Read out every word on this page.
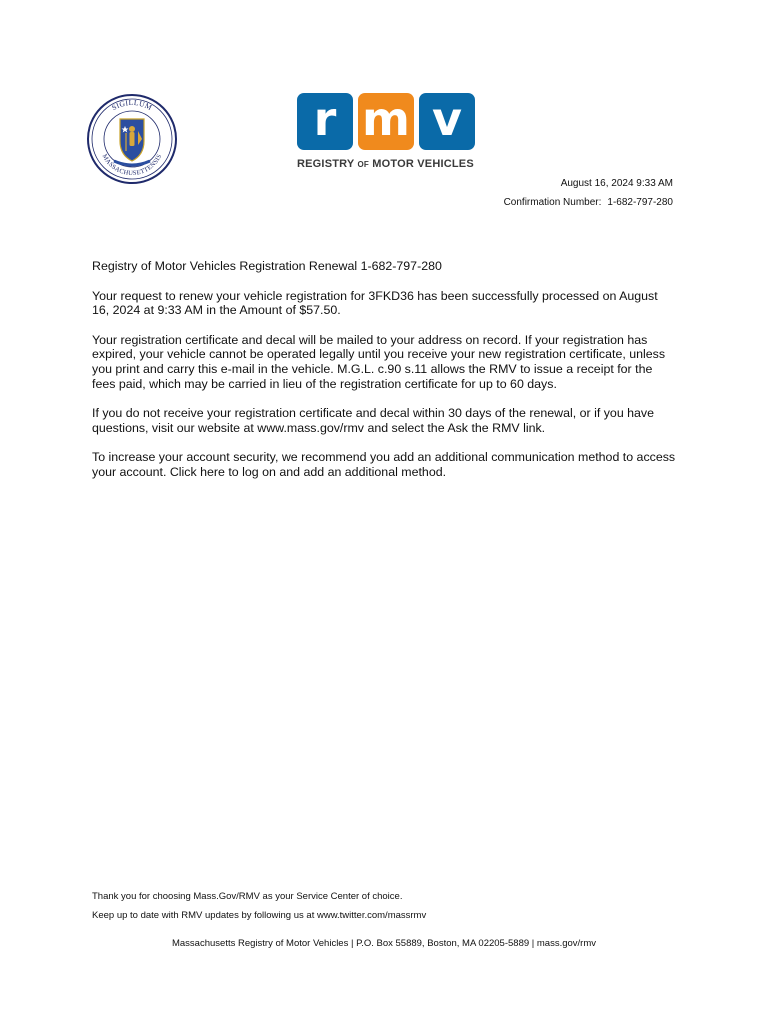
SIGILLUM
MASSACHUSETTENSIS
r m v
REGISTRY OF MOTOR VEHICLES
August 16, 2024 9:33 AM
Confirmation Number: 1-682-797-280

Registry of Motor Vehicles Registration Renewal 1-682-797-280

Your request to renew your vehicle registration for 3FKD36 has been successfully processed on August 16, 2024 at 9:33 AM in the Amount of $57.50.

Your registration certificate and decal will be mailed to your address on record. If your registration has expired, your vehicle cannot be operated legally until you receive your new registration certificate, unless you print and carry this e-mail in the vehicle. M.G.L. c.90 s.11 allows the RMV to issue a receipt for the fees paid, which may be carried in lieu of the registration certificate for up to 60 days.

If you do not receive your registration certificate and decal within 30 days of the renewal, or if you have questions, visit our website at www.mass.gov/rmv and select the Ask the RMV link.

To increase your account security, we recommend you add an additional communication method to access your account. Click here to log on and add an additional method.

Thank you for choosing Mass.Gov/RMV as your Service Center of choice.
Keep up to date with RMV updates by following us at www.twitter.com/massrmv
Massachusetts Registry of Motor Vehicles | P.O. Box 55889, Boston, MA 02205-5889 | mass.gov/rmv
